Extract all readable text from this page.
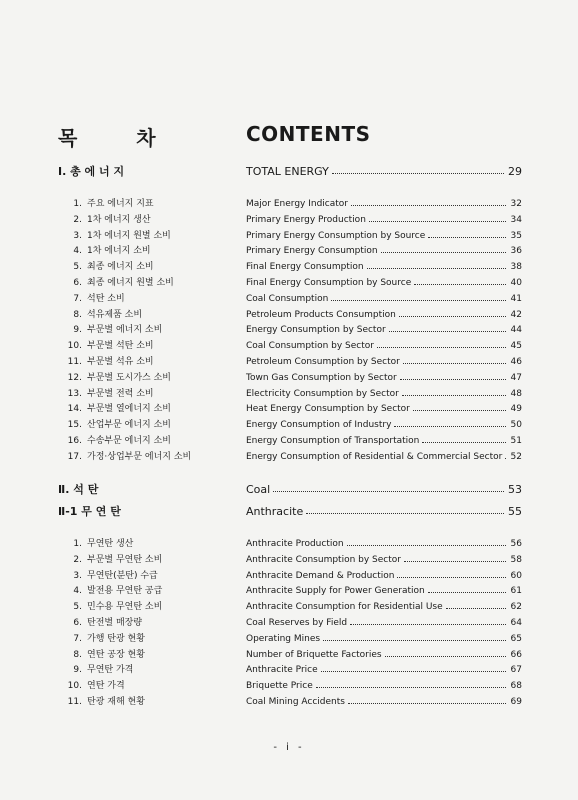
목 차	CONTENTS
Ⅰ. 총 에 너 지	TOTAL ENERGY	29
1. 주요 에너지 지표	Major Energy Indicator	32
2. 1차 에너지 생산	Primary Energy Production	34
3. 1차 에너지 원별 소비	Primary Energy Consumption by Source	35
4. 1차 에너지 소비	Primary Energy Consumption	36
5. 최종 에너지 소비	Final Energy Consumption	38
6. 최종 에너지 원별 소비	Final Energy Consumption by Source	40
7. 석탄 소비	Coal Consumption	41
8. 석유제품 소비	Petroleum Products Consumption	42
9. 부문별 에너지 소비	Energy Consumption by Sector	44
10. 부문별 석탄 소비	Coal Consumption by Sector	45
11. 부문별 석유 소비	Petroleum Consumption by Sector	46
12. 부문별 도시가스 소비	Town Gas Consumption by Sector	47
13. 부문별 전력 소비	Electricity Consumption by Sector	48
14. 부문별 열에너지 소비	Heat Energy Consumption by Sector	49
15. 산업부문 에너지 소비	Energy Consumption of Industry	50
16. 수송부문 에너지 소비	Energy Consumption of Transportation	51
17. 가정·상업부문 에너지 소비	Energy Consumption of Residential & Commercial Sector 52
Ⅱ. 석 탄	Coal	53
Ⅱ-1 무 연 탄	Anthracite	55
1. 무연탄 생산	Anthracite Production	56
2. 부문별 무연탄 소비	Anthracite Consumption by Sector	58
3. 무연탄(분탄) 수급	Anthracite Demand & Production	60
4. 발전용 무연탄 공급	Anthracite Supply for Power Generation	61
5. 민수용 무연탄 소비	Anthracite Consumption for Residential Use	62
6. 탄전별 매장량	Coal Reserves by Field	64
7. 가행 탄광 현황	Operating Mines	65
8. 연탄 공장 현황	Number of Briquette Factories	66
9. 무연탄 가격	Anthracite Price	67
10. 연탄 가격	Briquette Price	68
11. 탄광 재해 현황	Coal Mining Accidents	69
- i -
